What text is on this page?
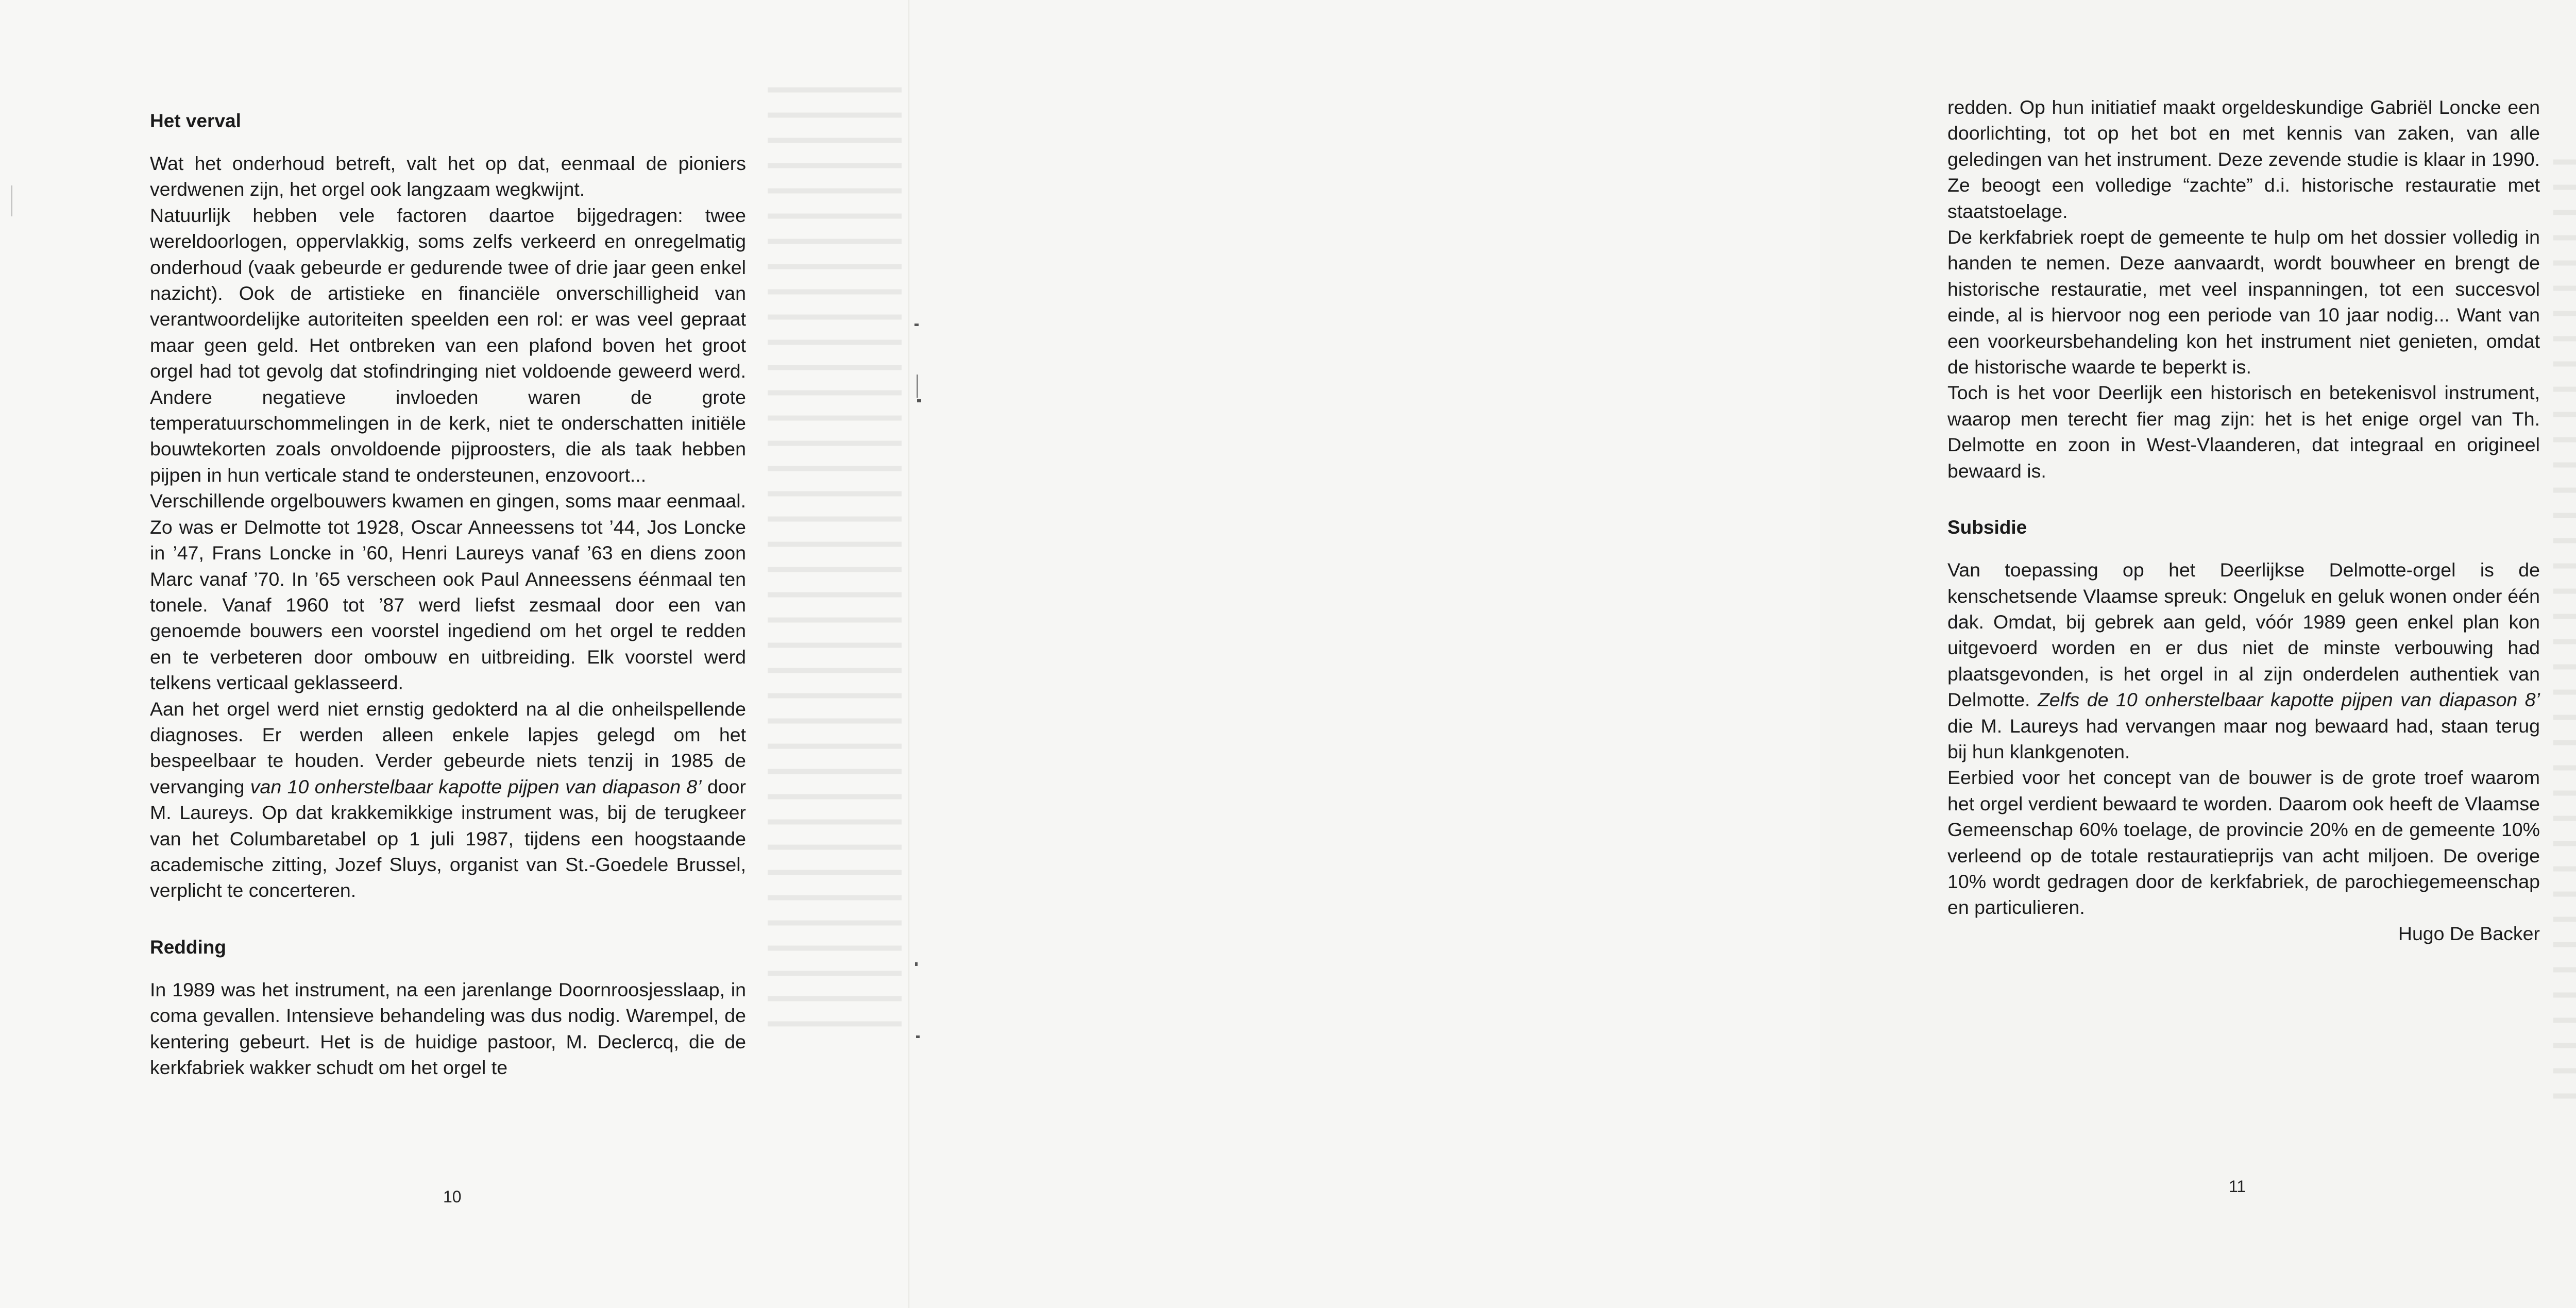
Het verval

Wat het onderhoud betreft, valt het op dat, eenmaal de pioniers verdwenen zijn, het orgel ook langzaam wegkwijnt.

Natuurlijk hebben vele factoren daartoe bijgedragen: twee wereldoorlogen, oppervlakkig, soms zelfs verkeerd en onregelmatig onderhoud (vaak gebeurde er gedurende twee of drie jaar geen enkel nazicht). Ook de artistieke en financiële onverschilligheid van verantwoordelijke autoriteiten speelden een rol: er was veel gepraat maar geen geld. Het ontbreken van een plafond boven het groot orgel had tot gevolg dat stofindringing niet voldoende geweerd werd. Andere negatieve invloeden waren de grote temperatuurschommelingen in de kerk, niet te onderschatten initiële bouwtekorten zoals onvoldoende pijproosters, die als taak hebben pijpen in hun verticale stand te ondersteunen, enzovoort...

Verschillende orgelbouwers kwamen en gingen, soms maar eenmaal. Zo was er Delmotte tot 1928, Oscar Anneessens tot ’44, Jos Loncke in ’47, Frans Loncke in ’60, Henri Laureys vanaf ’63 en diens zoon Marc vanaf ’70. In ’65 verscheen ook Paul Anneessens éénmaal ten tonele. Vanaf 1960 tot ’87 werd liefst zesmaal door een van genoemde bouwers een voorstel ingediend om het orgel te redden en te verbeteren door ombouw en uitbreiding. Elk voorstel werd telkens verticaal geklasseerd.

Aan het orgel werd niet ernstig gedokterd na al die onheilspellende diagnoses. Er werden alleen enkele lapjes gelegd om het bespeelbaar te houden. Verder gebeurde niets tenzij in 1985 de vervanging van 10 onherstelbaar kapotte pijpen van diapason 8’ door M. Laureys. Op dat krakkemikkige instrument was, bij de terugkeer van het Columbaretabel op 1 juli 1987, tijdens een hoogstaande academische zitting, Jozef Sluys, organist van St.-Goedele Brussel, verplicht te concerteren.

Redding

In 1989 was het instrument, na een jarenlange Doornroosjesslaap, in coma gevallen. Intensieve behandeling was dus nodig. Warempel, de kentering gebeurt. Het is de huidige pastoor, M. Declercq, die de kerkfabriek wakker schudt om het orgel te

10

redden. Op hun initiatief maakt orgeldeskundige Gabriël Loncke een doorlichting, tot op het bot en met kennis van zaken, van alle geledingen van het instrument. Deze zevende studie is klaar in 1990. Ze beoogt een volledige “zachte” d.i. historische restauratie met staatstoelage.

De kerkfabriek roept de gemeente te hulp om het dossier volledig in handen te nemen. Deze aanvaardt, wordt bouwheer en brengt de historische restauratie, met veel inspanningen, tot een succesvol einde, al is hiervoor nog een periode van 10 jaar nodig... Want van een voorkeursbehandeling kon het instrument niet genieten, omdat de historische waarde te beperkt is.

Toch is het voor Deerlijk een historisch en betekenisvol instrument, waarop men terecht fier mag zijn: het is het enige orgel van Th. Delmotte en zoon in West-Vlaanderen, dat integraal en origineel bewaard is.

Subsidie

Van toepassing op het Deerlijkse Delmotte-orgel is de kenschetsende Vlaamse spreuk: Ongeluk en geluk wonen onder één dak. Omdat, bij gebrek aan geld, vóór 1989 geen enkel plan kon uitgevoerd worden en er dus niet de minste verbouwing had plaatsgevonden, is het orgel in al zijn onderdelen authentiek van Delmotte. Zelfs de 10 onherstelbaar kapotte pijpen van diapason 8’ die M. Laureys had vervangen maar nog bewaard had, staan terug bij hun klankgenoten.

Eerbied voor het concept van de bouwer is de grote troef waarom het orgel verdient bewaard te worden. Daarom ook heeft de Vlaamse Gemeenschap 60% toelage, de provincie 20% en de gemeente 10% verleend op de totale restauratieprijs van acht miljoen. De overige 10% wordt gedragen door de kerkfabriek, de parochiegemeenschap en particulieren.

Hugo De Backer

11
